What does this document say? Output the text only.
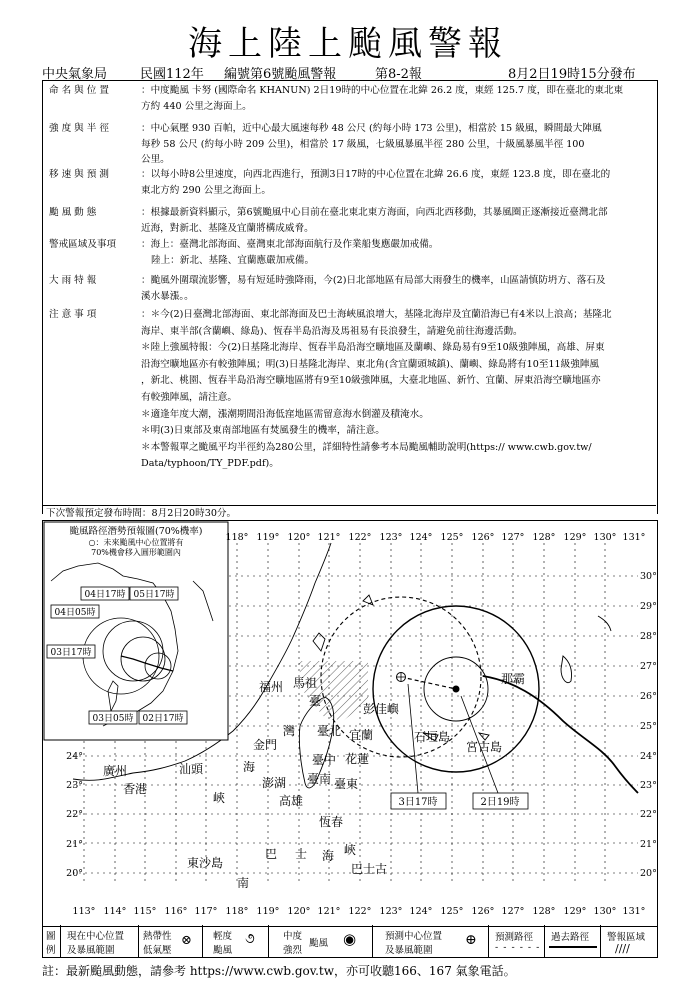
海上陸上颱風警報
中央氣象局	民國112年 編號第6號颱風警報	第8-2報	8月2日19時15分發布
命名與位置	：中度颱風 卡努 (國際命名 KHANUN) 2日19時的中心位置在北緯 26.2 度，東經 125.7 度，即在臺北的東北東
方約 440 公里之海面上。
強度與半徑	：中心氣壓 930 百帕，近中心最大風速每秒 48 公尺 (約每小時 173 公里)，相當於 15 級風，瞬間最大陣風
每秒 58 公尺 (約每小時 209 公里)，相當於 17 級風，七級風暴風半徑 280 公里，十級風暴風半徑 100
公里。
移速與預測	：以每小時8公里速度，向西北西進行，預測3日17時的中心位置在北緯 26.6 度，東經 123.8 度，即在臺北的
東北方約 290 公里之海面上。
颱風動態	：根據最新資料顯示，第6號颱風中心目前在臺北東北東方海面，向西北西移動，其暴風圈正逐漸接近臺灣北部
近海，對新北、基隆及宜蘭將構成威脅。
警戒區域及事項	：海上：臺灣北部海面、臺灣東北部海面航行及作業船隻應嚴加戒備。
陸上：新北、基隆、宜蘭應嚴加戒備。
大雨特報	：颱風外圍環流影響，易有短延時強降雨，今(2)日北部地區有局部大雨發生的機率，山區請慎防坍方、落石及
溪水暴漲。。
注意事項	：＊今(2)日臺灣北部海面、東北部海面及巴士海峽風浪增大，基隆北海岸及宜蘭沿海已有4米以上浪高；基隆北
海岸、東半部(含蘭嶼、綠島)、恆春半島沿海及馬祖易有長浪發生，請避免前往海邊活動。
＊陸上強風特報：今(2)日基隆北海岸、恆春半島沿海空曠地區及蘭嶼、綠島易有9至10級強陣風，高雄、屏東
沿海空曠地區亦有較強陣風；明(3)日基隆北海岸、東北角(含宜蘭頭城鎮)、蘭嶼、綠島將有10至11級強陣風
，新北、桃園、恆春半島沿海空曠地區將有9至10級強陣風，大臺北地區、新竹、宜蘭、屏東沿海空曠地區亦
有較強陣風，請注意。
＊適逢年度大潮，漲潮期間沿海低窪地區需留意海水倒灌及積淹水。
＊明(3)日東部及東南部地區有焚風發生的機率，請注意。
＊本警報單之颱風平均半徑約為280公里，詳細特性請參考本局颱風輔助說明(https:// www.cwb.gov.tw/
Data/typhoon/TY_PDF.pdf)。
下次警報預定發布時間：8月2日20時30分。
颱風路徑潛勢預報圖(70%機率)
○：未來颱風中心位置將有
70%機會移入圓形範圍內
04日17時 05日17時
04日05時
03日17時
03日05時 02日17時
118° 119° 120° 121° 122° 123° 124° 125° 126° 127° 128° 129° 130° 131°
113° 114° 115° 116° 117° 118° 119° 120° 121° 122° 123° 124° 125° 126° 127° 128° 129° 130° 131°
20°
21°
22°
23°
24°
20°
21°
22°
23°
24°
25°
26°
27°
28°
29°
30°
福州 馬祖
臺
彭佳嶼
金門
灣 臺北 宜蘭	石垣島
宮古島
那霸
廣州	汕頭
香港
海	臺中 花蓮
澎湖 臺南 臺東
峽	高雄
恆春
東沙島
巴 士 海 峽
巴士古
南
3日17時	2日19時
圖
例
現在中心位置
及暴風範圍
熱帶性
低氣壓
⊗ 輕度
颱風
૭	中度
強烈
颱風 ◉	預測中心位置
及暴風範圍
⊕ 預測路徑
- - - - - -
過去路徑 警報區域
////
註：最新颱風動態，請參考 https://www.cwb.gov.tw，亦可收聽166、167 氣象電話。
